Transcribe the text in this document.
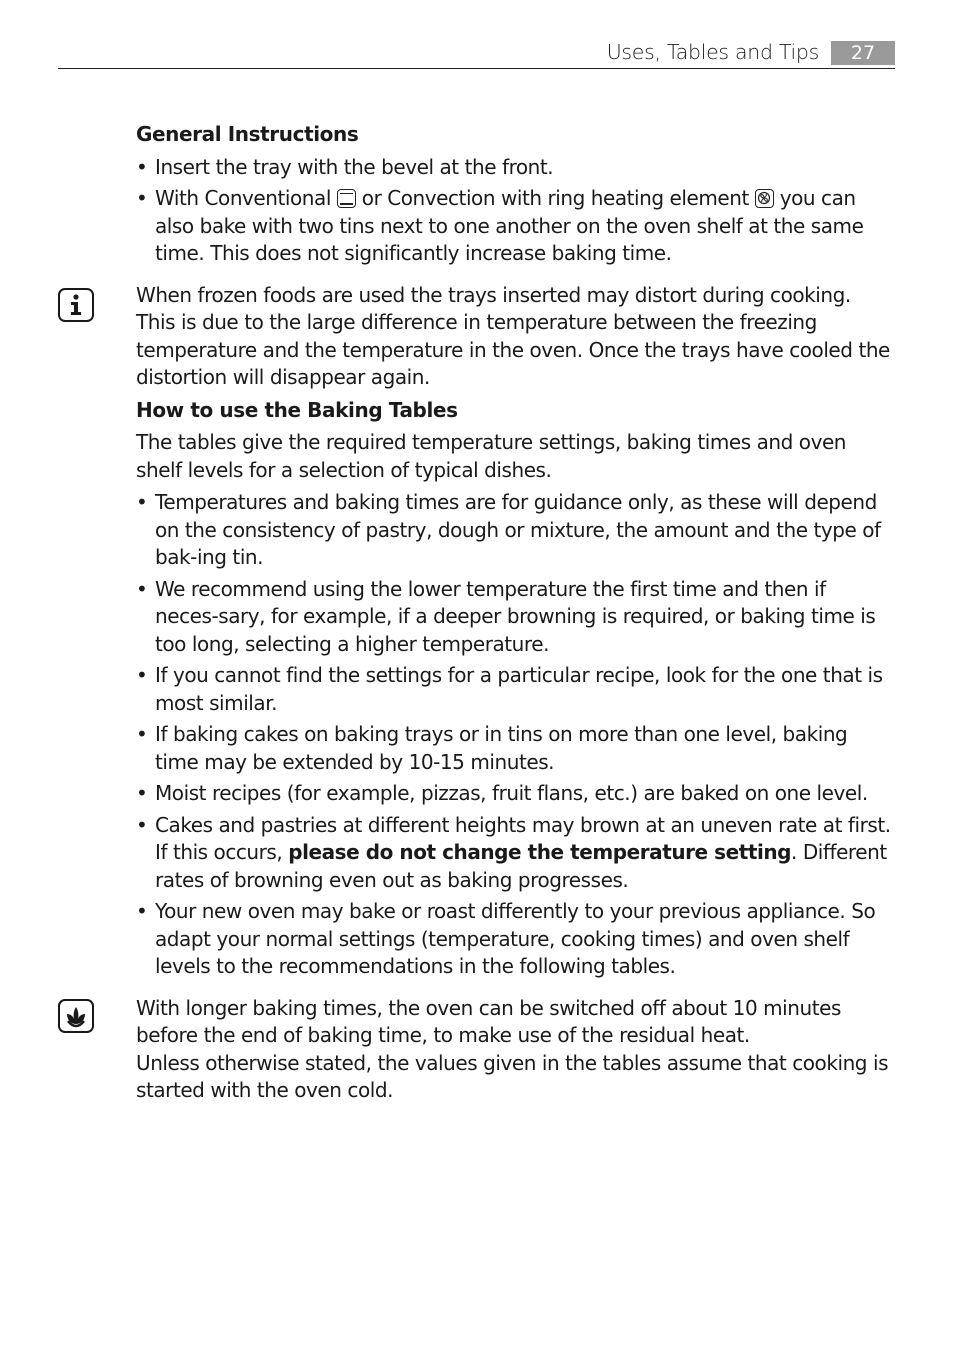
Uses, Tables and Tips	27

General Instructions

• Insert the tray with the bevel at the front.

• With Conventional or Convection with ring heating element you can also bake with two tins next to one another on the oven shelf at the same time. This does not significantly increase baking time.

When frozen foods are used the trays inserted may distort during cooking. This is due to the large difference in temperature between the freezing temperature and the temperature in the oven. Once the trays have cooled the distortion will disappear again.

How to use the Baking Tables

The tables give the required temperature settings, baking times and oven shelf levels for a selection of typical dishes.

• Temperatures and baking times are for guidance only, as these will depend on the consistency of pastry, dough or mixture, the amount and the type of bak-ing tin.

• We recommend using the lower temperature the first time and then if neces-sary, for example, if a deeper browning is required, or baking time is too long, selecting a higher temperature.

• If you cannot find the settings for a particular recipe, look for the one that is most similar.

• If baking cakes on baking trays or in tins on more than one level, baking time may be extended by 10-15 minutes.

• Moist recipes (for example, pizzas, fruit flans, etc.) are baked on one level.

• Cakes and pastries at different heights may brown at an uneven rate at first. If this occurs, please do not change the temperature setting. Different rates of browning even out as baking progresses.

• Your new oven may bake or roast differently to your previous appliance. So adapt your normal settings (temperature, cooking times) and oven shelf levels to the recommendations in the following tables.

With longer baking times, the oven can be switched off about 10 minutes before the end of baking time, to make use of the residual heat.

Unless otherwise stated, the values given in the tables assume that cooking is started with the oven cold.
